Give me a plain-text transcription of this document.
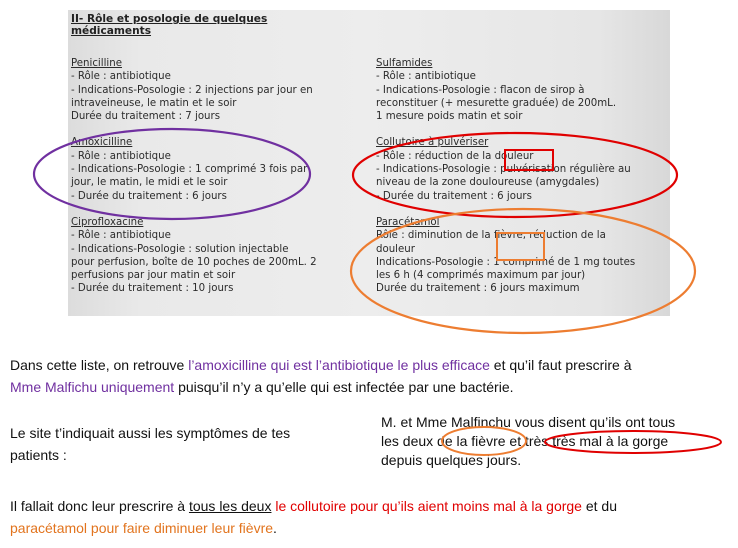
II- Rôle et posologie de quelques
médicaments
Penicilline
- Rôle : antibiotique
- Indications-Posologie : 2 injections par jour en
intraveineuse, le matin et le soir
Durée du traitement : 7 jours
Amoxicilline
- Rôle : antibiotique
- Indications-Posologie : 1 comprimé 3 fois par
jour, le matin, le midi et le soir
- Durée du traitement : 6 jours
Ciprofloxacine
- Rôle : antibiotique
- Indications-Posologie : solution injectable
pour perfusion, boîte de 10 poches de 200mL. 2
perfusions par jour matin et soir
- Durée du traitement : 10 jours
Sulfamides
- Rôle : antibiotique
- Indications-Posologie : flacon de sirop à
reconstituer (+ mesurette graduée) de 200mL.
1 mesure poids matin et soir
Collutoire à pulvériser
- Rôle : réduction de la douleur
- Indications-Posologie : pulvérisation régulière au
niveau de la zone douloureuse (amygdales)
- Durée du traitement : 6 jours
Paracétamol
Rôle : diminution de la fièvre, réduction de la
douleur
Indications-Posologie : 1 comprimé de 1 mg toutes
les 6 h (4 comprimés maximum par jour)
Durée du traitement : 6 jours maximum
Dans cette liste, on retrouve l’amoxicilline qui est l’antibiotique le plus efficace et qu’il faut prescrire à
Mme Malfichu uniquement puisqu’il n’y a qu’elle qui est infectée par une bactérie.
Le site t’indiquait aussi les symptômes de tes
patients :
M. et Mme Malfinchu vous disent qu’ils ont tous
les deux de la fièvre et très très mal à la gorge
depuis quelques jours.
Il fallait donc leur prescrire à tous les deux le collutoire pour qu’ils aient moins mal à la gorge et du
paracétamol pour faire diminuer leur fièvre.
